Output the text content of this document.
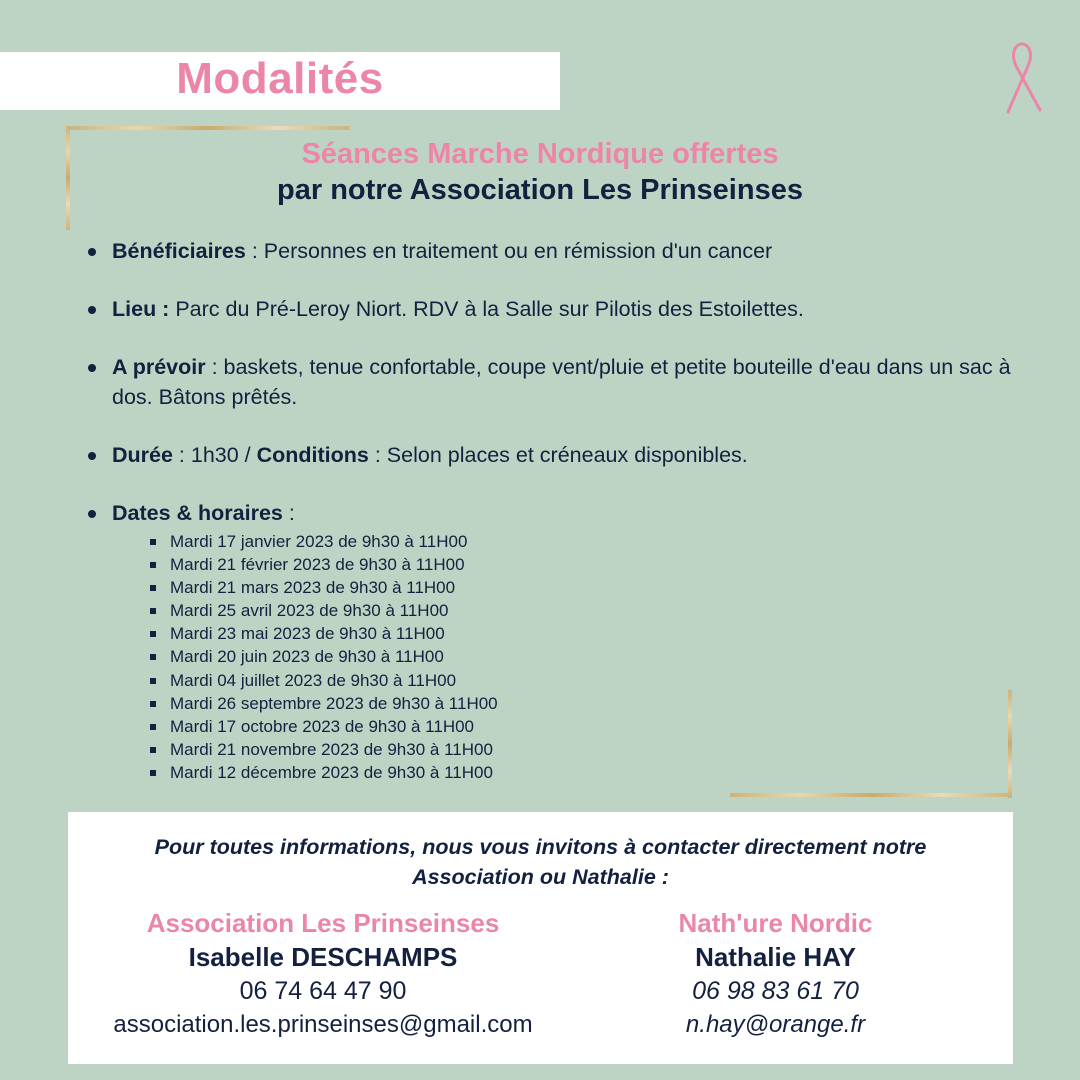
Modalités
Séances Marche Nordique offertes
par notre Association Les Prinseinses
Bénéficiaires : Personnes en traitement ou en rémission d'un cancer
Lieu : Parc du Pré-Leroy Niort. RDV à la Salle sur Pilotis des Estoilettes.
A prévoir : baskets, tenue confortable, coupe vent/pluie et petite bouteille d'eau dans un sac à dos. Bâtons prêtés.
Durée : 1h30 / Conditions : Selon places et créneaux disponibles.
Dates & horaires :
Mardi 17 janvier 2023 de 9h30 à 11H00
Mardi 21 février 2023 de 9h30 à 11H00
Mardi 21 mars 2023 de 9h30 à 11H00
Mardi 25 avril 2023 de 9h30 à 11H00
Mardi 23 mai 2023 de 9h30 à 11H00
Mardi 20 juin 2023 de 9h30 à 11H00
Mardi 04 juillet 2023 de 9h30 à 11H00
Mardi 26 septembre 2023 de 9h30 à 11H00
Mardi 17 octobre 2023 de 9h30 à 11H00
Mardi 21 novembre 2023 de 9h30 à 11H00
Mardi 12 décembre 2023 de 9h30 à 11H00
Pour toutes informations, nous vous invitons à contacter directement notre
Association ou Nathalie :
Association Les Prinseinses
Isabelle DESCHAMPS
06 74 64 47 90
association.les.prinseinses@gmail.com
Nath'ure Nordic
Nathalie HAY
06 98 83 61 70
n.hay@orange.fr
